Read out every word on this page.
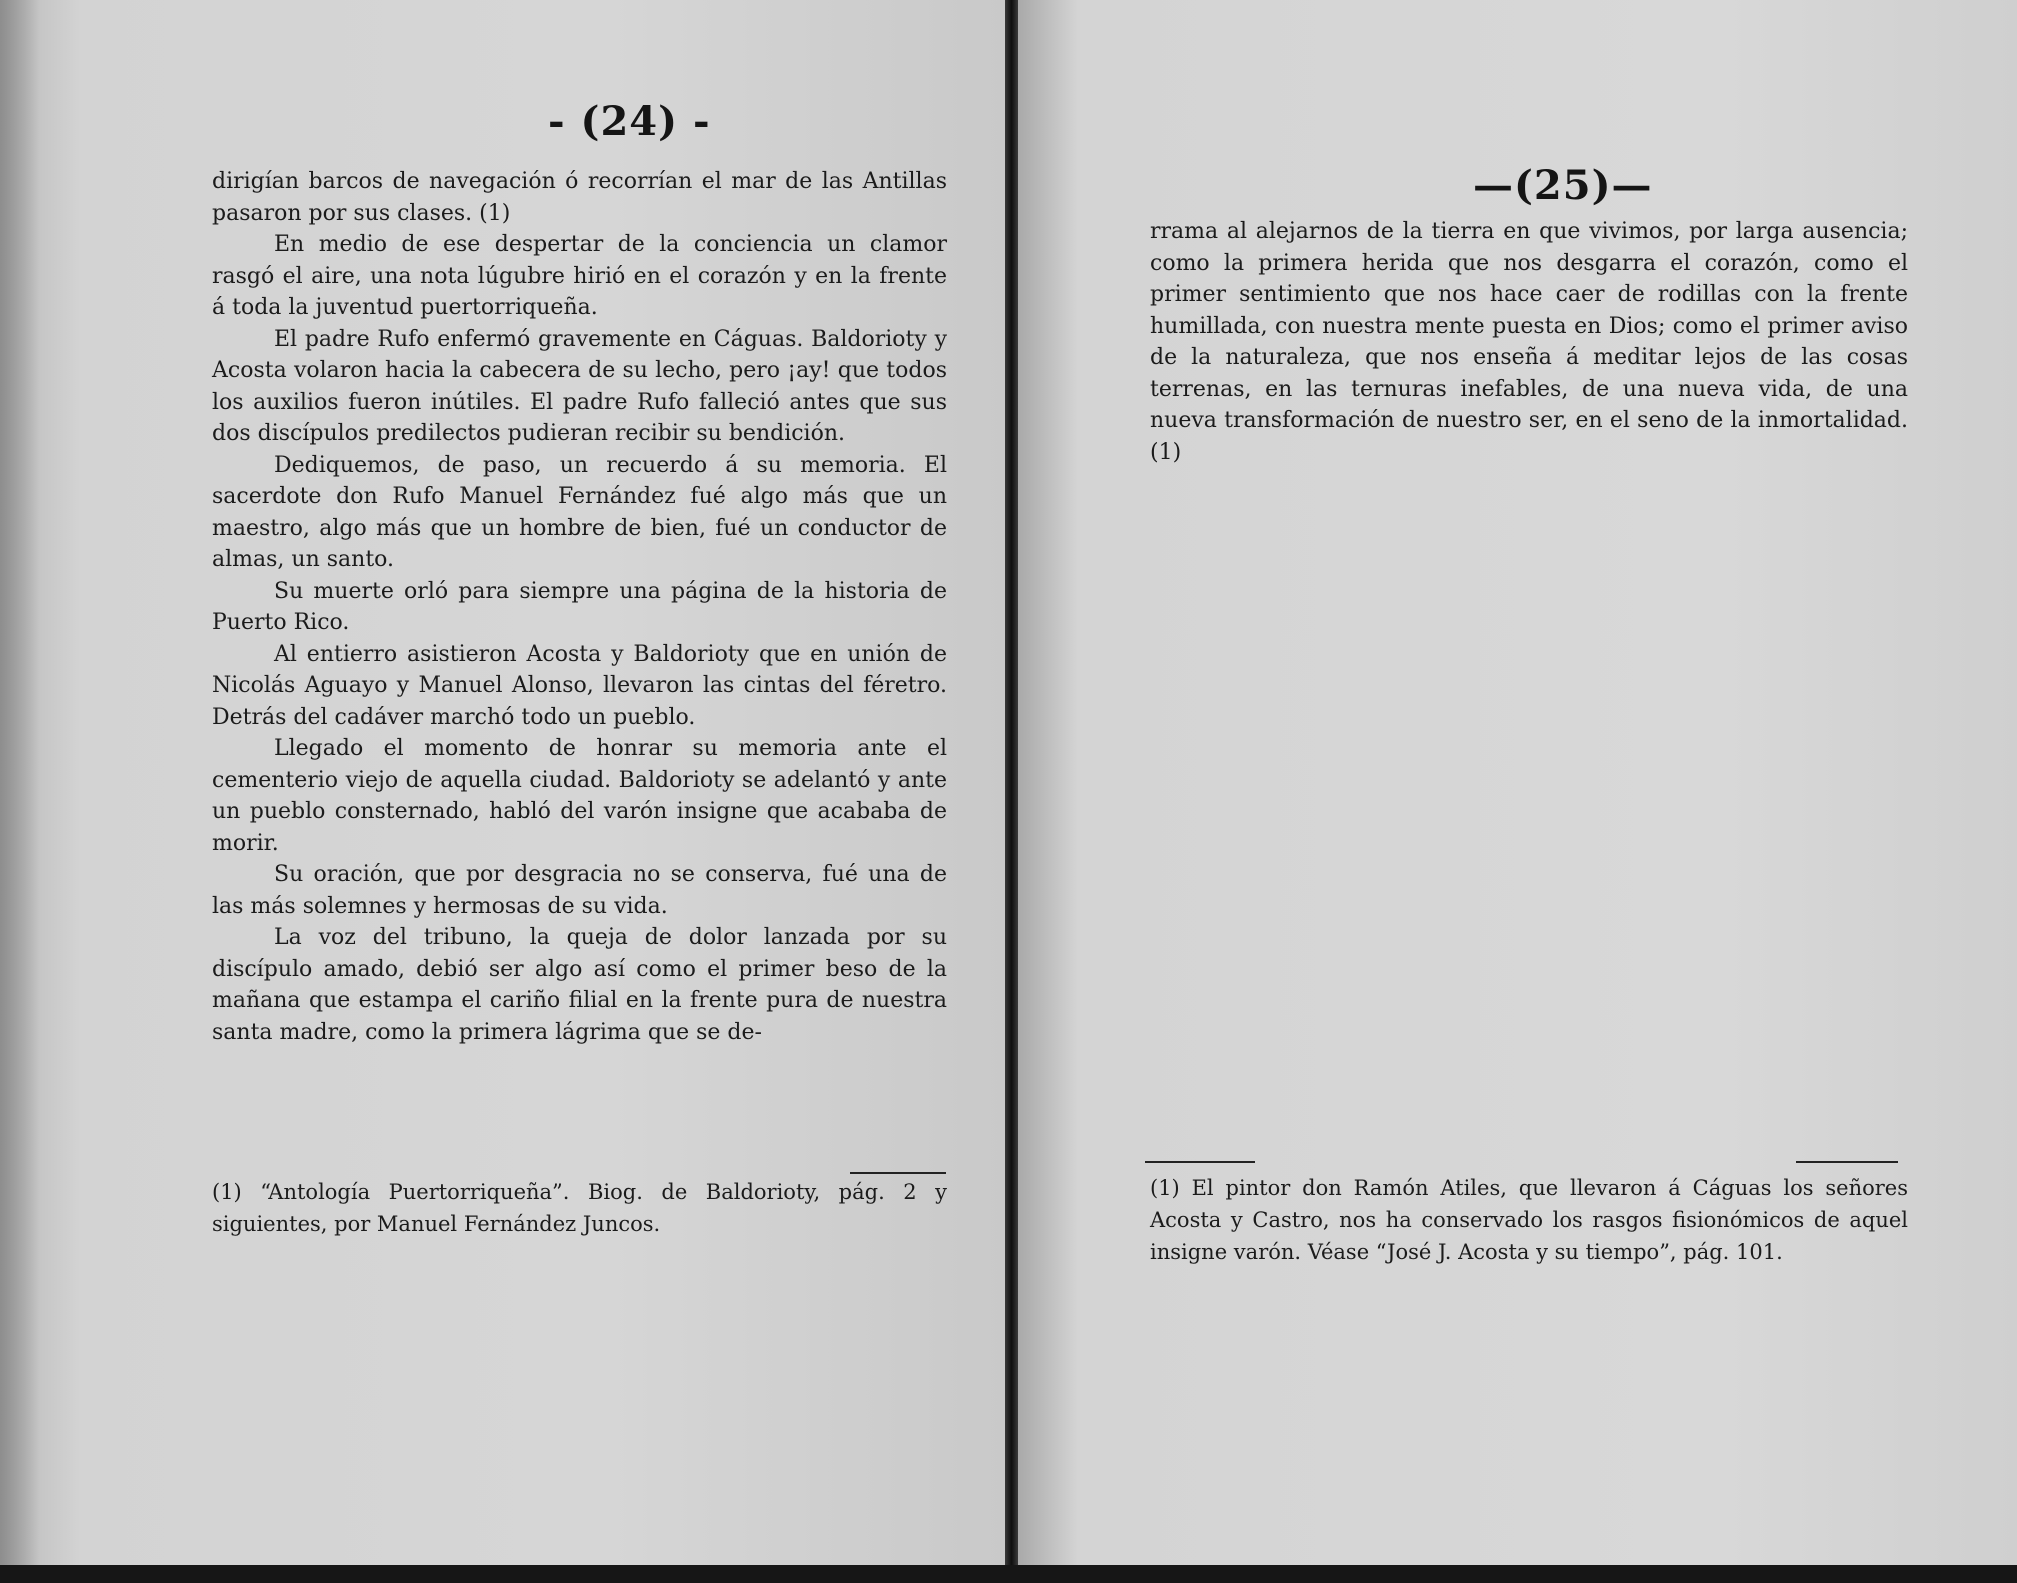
- (24) -

dirigían barcos de navegación ó recorrían el mar de las Antillas pasaron por sus clases. (1)

En medio de ese despertar de la conciencia un clamor rasgó el aire, una nota lúgubre hirió en el corazón y en la frente á toda la juventud puertorriqueña.

El padre Rufo enfermó gravemente en Cáguas. Baldorioty y Acosta volaron hacia la cabecera de su lecho, pero ¡ay! que todos los auxilios fueron inútiles. El padre Rufo falleció antes que sus dos discípulos predilectos pudieran recibir su bendición.

Dediquemos, de paso, un recuerdo á su memoria. El sacerdote don Rufo Manuel Fernández fué algo más que un maestro, algo más que un hombre de bien, fué un conductor de almas, un santo.

Su muerte orló para siempre una página de la historia de Puerto Rico.

Al entierro asistieron Acosta y Baldorioty que en unión de Nicolás Aguayo y Manuel Alonso, llevaron las cintas del féretro. Detrás del cadáver marchó todo un pueblo.

Llegado el momento de honrar su memoria ante el cementerio viejo de aquella ciudad. Baldorioty se adelantó y ante un pueblo consternado, habló del varón insigne que acababa de morir.

Su oración, que por desgracia no se conserva, fué una de las más solemnes y hermosas de su vida.

La voz del tribuno, la queja de dolor lanzada por su discípulo amado, debió ser algo así como el primer beso de la mañana que estampa el cariño filial en la frente pura de nuestra santa madre, como la primera lágrima que se de-

(1) “Antología Puertorriqueña”. Biog. de Baldorioty, pág. 2 y siguientes, por Manuel Fernández Juncos.
—(25)—

rrama al alejarnos de la tierra en que vivimos, por larga ausencia; como la primera herida que nos desgarra el corazón, como el primer sentimiento que nos hace caer de rodillas con la frente humillada, con nuestra mente puesta en Dios; como el primer aviso de la naturaleza, que nos enseña á meditar lejos de las cosas terrenas, en las ternuras inefables, de una nueva vida, de una nueva transformación de nuestro ser, en el seno de la inmortalidad. (1)

(1) El pintor don Ramón Atiles, que llevaron á Cáguas los señores Acosta y Castro, nos ha conservado los rasgos fisionómicos de aquel insigne varón. Véase “José J. Acosta y su tiempo”, pág. 101.
